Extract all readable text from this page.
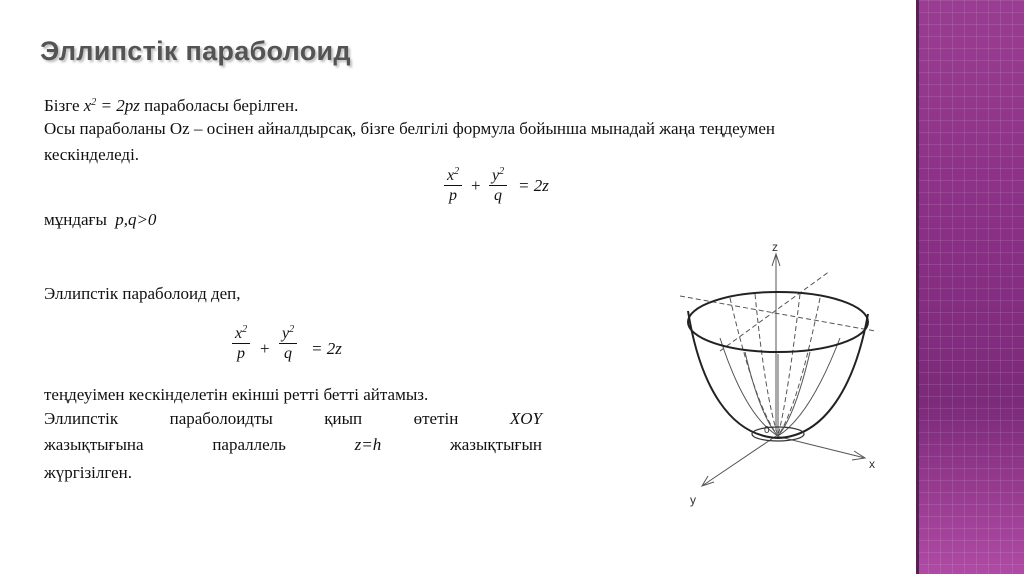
Эллипстік параболоид
Бізге $x^2 = 2pz$ параболасы берілген.
Осы параболаны Oz – осінен айналдырсақ, бізге белгілі формула бойынша мынадай жаңа теңдеумен
кескінделеді.
$\frac{x^2}{p} + \frac{y^2}{q} = 2z$
мұндағы p,q>0
Эллипстік параболоид деп,
$\frac{x^2}{p} + \frac{y^2}{q} = 2z$
теңдеуімен кескінделетін екінші ретті бетті айтамыз.
Эллипстік	параболоидты	қиып	өтетін	XOY
жазықтығына	параллель	z=h	жазықтығын
жүргізілген.
z
x
y
0
